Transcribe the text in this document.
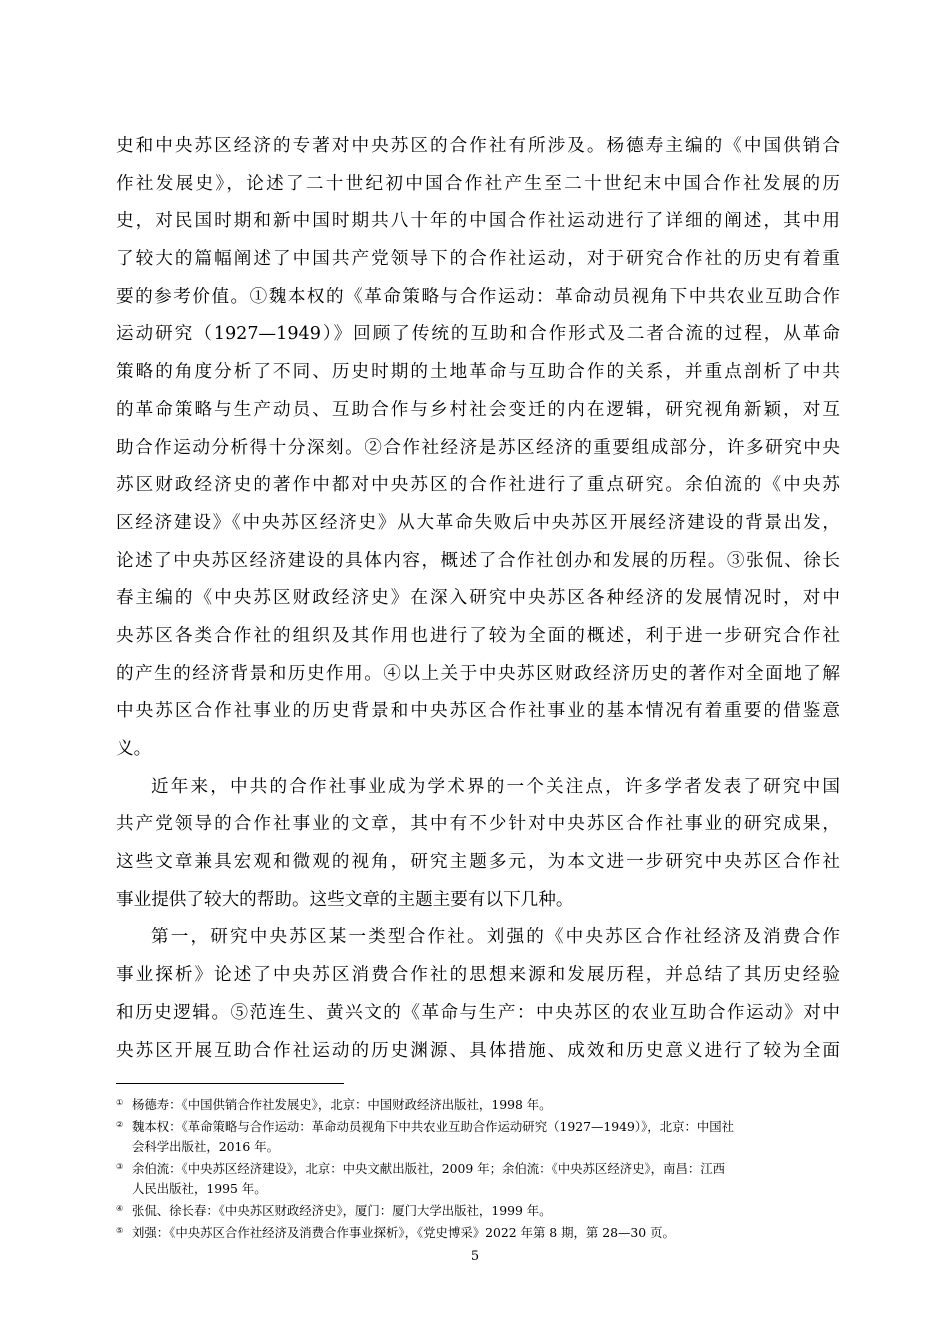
史和中央苏区经济的专著对中央苏区的合作社有所涉及。杨德寿主编的《中国供销合
作社发展史》，论述了二十世纪初中国合作社产生至二十世纪末中国合作社发展的历
史，对民国时期和新中国时期共八十年的中国合作社运动进行了详细的阐述，其中用
了较大的篇幅阐述了中国共产党领导下的合作社运动，对于研究合作社的历史有着重
要的参考价值。①魏本权的《革命策略与合作运动：革命动员视角下中共农业互助合作
运动研究（1927—1949）》回顾了传统的互助和合作形式及二者合流的过程，从革命
策略的角度分析了不同、历史时期的土地革命与互助合作的关系，并重点剖析了中共
的革命策略与生产动员、互助合作与乡村社会变迁的内在逻辑，研究视角新颖，对互
助合作运动分析得十分深刻。②合作社经济是苏区经济的重要组成部分，许多研究中央
苏区财政经济史的著作中都对中央苏区的合作社进行了重点研究。余伯流的《中央苏
区经济建设》《中央苏区经济史》从大革命失败后中央苏区开展经济建设的背景出发，
论述了中央苏区经济建设的具体内容，概述了合作社创办和发展的历程。③张侃、徐长
春主编的《中央苏区财政经济史》在深入研究中央苏区各种经济的发展情况时，对中
央苏区各类合作社的组织及其作用也进行了较为全面的概述，利于进一步研究合作社
的产生的经济背景和历史作用。④以上关于中央苏区财政经济历史的著作对全面地了解
中央苏区合作社事业的历史背景和中央苏区合作社事业的基本情况有着重要的借鉴意
义。
近年来，中共的合作社事业成为学术界的一个关注点，许多学者发表了研究中国
共产党领导的合作社事业的文章，其中有不少针对中央苏区合作社事业的研究成果，
这些文章兼具宏观和微观的视角，研究主题多元，为本文进一步研究中央苏区合作社
事业提供了较大的帮助。这些文章的主题主要有以下几种。
第一，研究中央苏区某一类型合作社。刘强的《中央苏区合作社经济及消费合作
事业探析》论述了中央苏区消费合作社的思想来源和发展历程，并总结了其历史经验
和历史逻辑。⑤范连生、黄兴文的《革命与生产：中央苏区的农业互助合作运动》对中
央苏区开展互助合作社运动的历史渊源、具体措施、成效和历史意义进行了较为全面
① 杨德寿：《中国供销合作社发展史》，北京：中国财政经济出版社，1998 年。
② 魏本权：《革命策略与合作运动：革命动员视角下中共农业互助合作运动研究（1927—1949）》，北京：中国社
会科学出版社，2016 年。
③ 余伯流：《中央苏区经济建设》，北京：中央文献出版社，2009 年；余伯流：《中央苏区经济史》，南昌：江西
人民出版社，1995 年。
④ 张侃、徐长春：《中央苏区财政经济史》，厦门：厦门大学出版社，1999 年。
⑤ 刘强：《中央苏区合作社经济及消费合作事业探析》，《党史博采》2022 年第 8 期，第 28—30 页。
5
